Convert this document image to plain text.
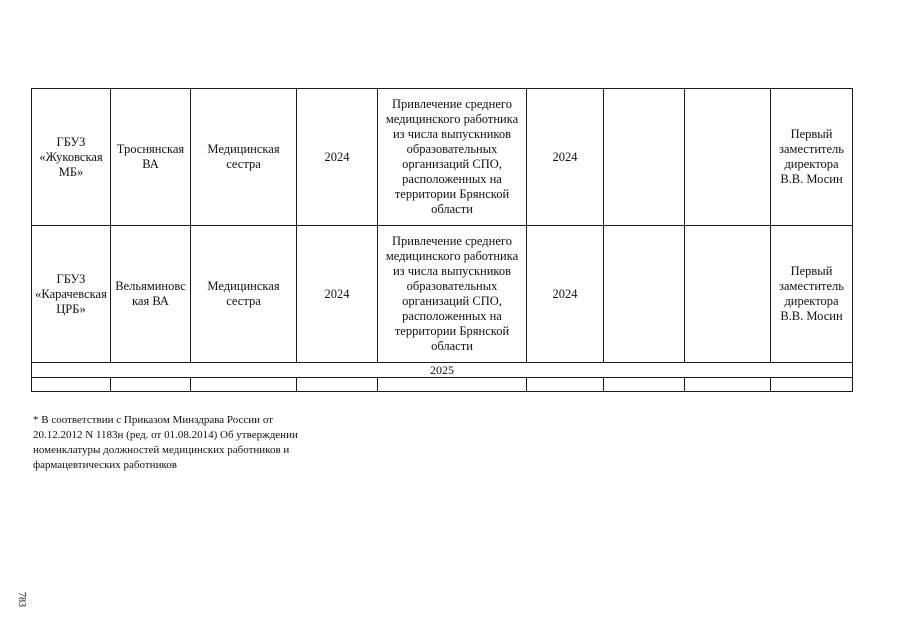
ГБУЗ «Жуковская МБ»	Троснянская ВА	Медицинская сестра	2024	Привлечение среднего медицинского работника из числа выпускников образовательных организаций СПО, расположенных на территории Брянской области	2024			Первый заместитель директора В.В. Мосин

ГБУЗ «Карачевская ЦРБ»	Вельяминовская ВА	Медицинская сестра	2024	Привлечение среднего медицинского работника из числа выпускников образовательных организаций СПО, расположенных на территории Брянской области	2024			Первый заместитель директора В.В. Мосин

2025								

* В соответствии с Приказом Минздрава России от 20.12.2012 N 1183н (ред. от 01.08.2014) Об утверждении номенклатуры должностей медицинских работников и фармацевтических работников
783
